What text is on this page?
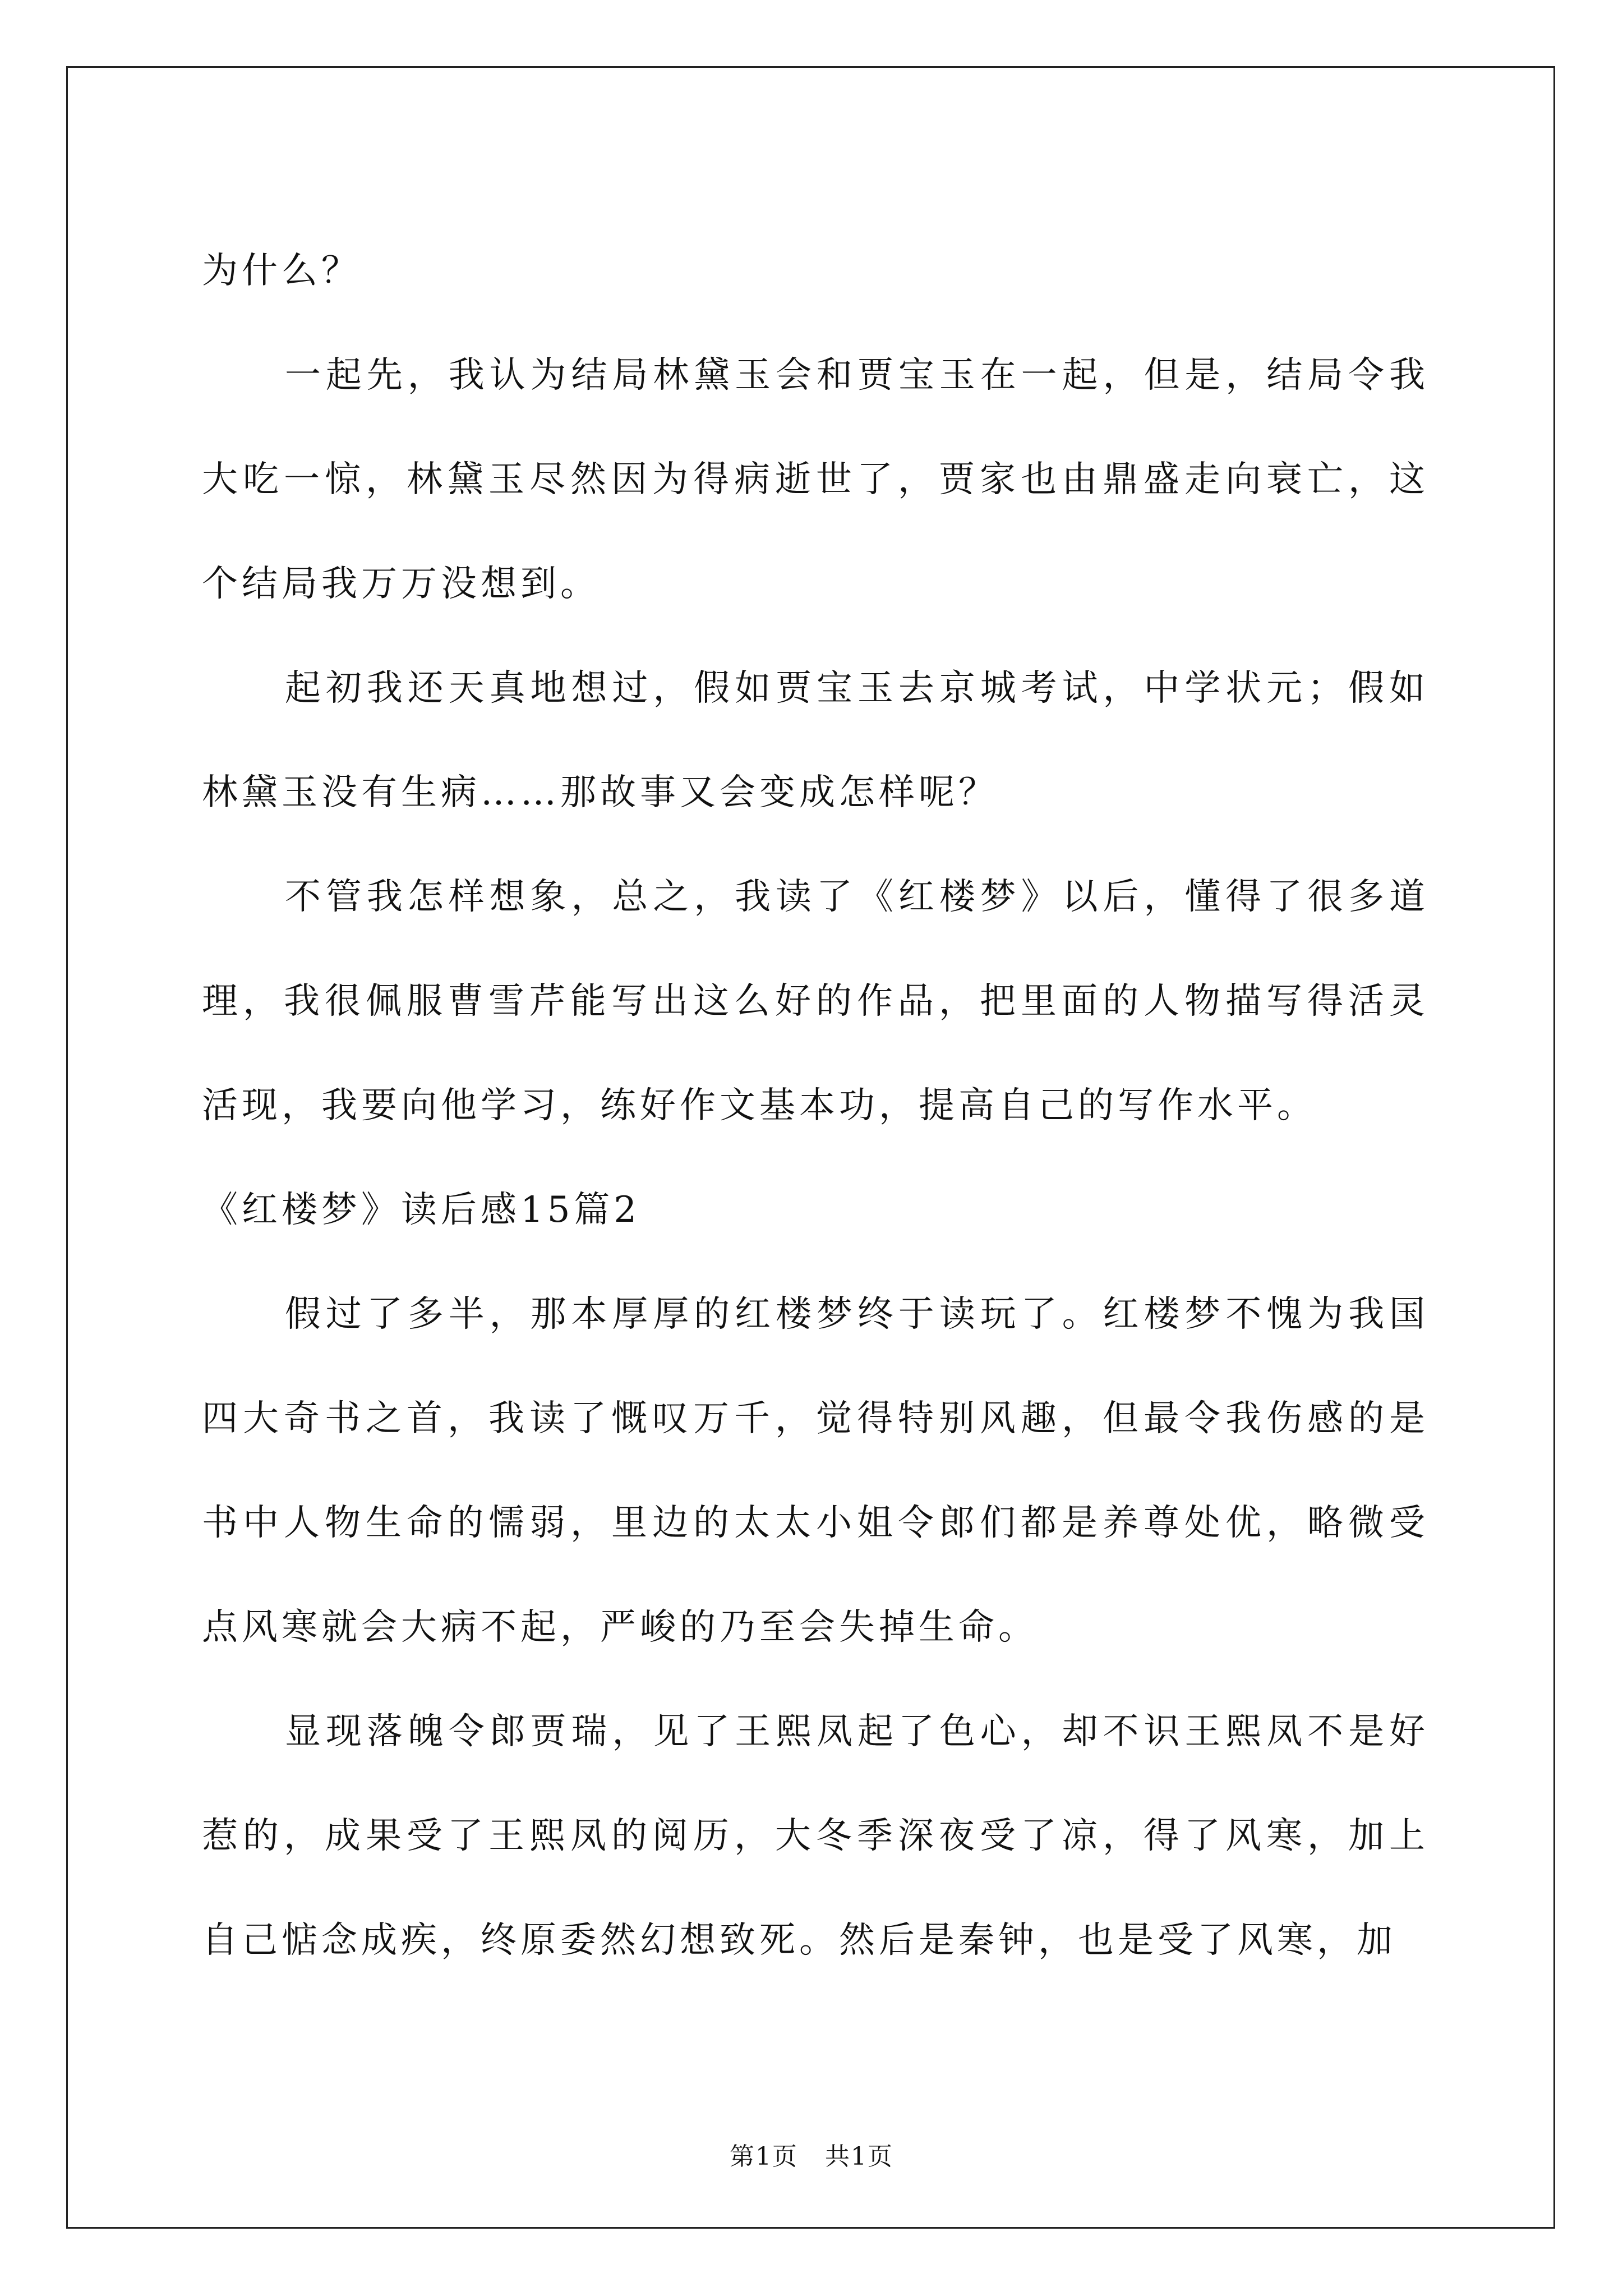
为什么？

一起先，我认为结局林黛玉会和贾宝玉在一起，但是，结局令我大吃一惊，林黛玉尽然因为得病逝世了，贾家也由鼎盛走向衰亡，这个结局我万万没想到。

起初我还天真地想过，假如贾宝玉去京城考试，中学状元；假如林黛玉没有生病……那故事又会变成怎样呢？

不管我怎样想象，总之，我读了《红楼梦》以后，懂得了很多道理，我很佩服曹雪芹能写出这么好的作品，把里面的人物描写得活灵活现，我要向他学习，练好作文基本功，提高自己的写作水平。

《红楼梦》读后感15篇2

假过了多半，那本厚厚的红楼梦终于读玩了。红楼梦不愧为我国四大奇书之首，我读了慨叹万千，觉得特别风趣，但最令我伤感的是书中人物生命的懦弱，里边的太太小姐令郎们都是养尊处优，略微受点风寒就会大病不起，严峻的乃至会失掉生命。

显现落魄令郎贾瑞，见了王熙凤起了色心，却不识王熙凤不是好惹的，成果受了王熙凤的阅历，大冬季深夜受了凉，得了风寒，加上自己惦念成疾，终原委然幻想致死。然后是秦钟，也是受了风寒，加

第1页   共1页
